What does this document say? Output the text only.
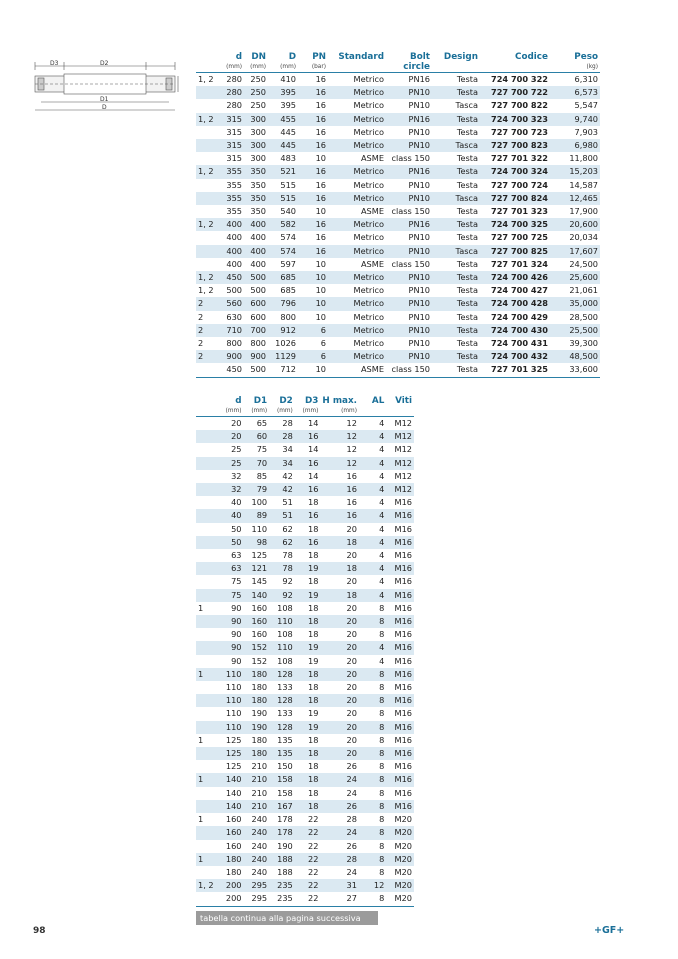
D3	D2
D1
D
	d	DN	D	PN	Standard	Bolt	Design	Codice	Peso
	(mm)	(mm)	(mm)	(bar)		circle			(kg)
1, 2	280	250	410	16	Metrico	PN16	Testa	724 700 322	6,310
	280	250	395	16	Metrico	PN10	Testa	727 700 722	6,573
	280	250	395	16	Metrico	PN10	Tasca	727 700 822	5,547
1, 2	315	300	455	16	Metrico	PN16	Testa	724 700 323	9,740
	315	300	445	16	Metrico	PN10	Testa	727 700 723	7,903
	315	300	445	16	Metrico	PN10	Tasca	727 700 823	6,980
	315	300	483	10	ASME	class 150	Testa	727 701 322	11,800
1, 2	355	350	521	16	Metrico	PN16	Testa	724 700 324	15,203
	355	350	515	16	Metrico	PN10	Testa	727 700 724	14,587
	355	350	515	16	Metrico	PN10	Tasca	727 700 824	12,465
	355	350	540	10	ASME	class 150	Testa	727 701 323	17,900
1, 2	400	400	582	16	Metrico	PN16	Testa	724 700 325	20,600
	400	400	574	16	Metrico	PN10	Testa	727 700 725	20,034
	400	400	574	16	Metrico	PN10	Tasca	727 700 825	17,607
	400	400	597	10	ASME	class 150	Testa	727 701 324	24,500
1, 2	450	500	685	10	Metrico	PN10	Testa	724 700 426	25,600
1, 2	500	500	685	10	Metrico	PN10	Testa	724 700 427	21,061
2	560	600	796	10	Metrico	PN10	Testa	724 700 428	35,000
2	630	600	800	10	Metrico	PN10	Testa	724 700 429	28,500
2	710	700	912	6	Metrico	PN10	Testa	724 700 430	25,500
2	800	800	1026	6	Metrico	PN10	Testa	724 700 431	39,300
2	900	900	1129	6	Metrico	PN10	Testa	724 700 432	48,500
	450	500	712	10	ASME	class 150	Testa	727 701 325	33,600
	d	D1	D2	D3	H max.	AL	Viti
	(mm)	(mm)	(mm)	(mm)	(mm)		
	20	65	28	14	12	4	M12
	20	60	28	16	12	4	M12
	25	75	34	14	12	4	M12
	25	70	34	16	12	4	M12
	32	85	42	14	16	4	M12
	32	79	42	16	16	4	M12
	40	100	51	18	16	4	M16
	40	89	51	16	16	4	M16
	50	110	62	18	20	4	M16
	50	98	62	16	18	4	M16
	63	125	78	18	20	4	M16
	63	121	78	19	18	4	M16
	75	145	92	18	20	4	M16
	75	140	92	19	18	4	M16
1	90	160	108	18	20	8	M16
	90	160	110	18	20	8	M16
	90	160	108	18	20	8	M16
	90	152	110	19	20	4	M16
	90	152	108	19	20	4	M16
1	110	180	128	18	20	8	M16
	110	180	133	18	20	8	M16
	110	180	128	18	20	8	M16
	110	190	133	19	20	8	M16
	110	190	128	19	20	8	M16
1	125	180	135	18	20	8	M16
	125	180	135	18	20	8	M16
	125	210	150	18	26	8	M16
1	140	210	158	18	24	8	M16
	140	210	158	18	24	8	M16
	140	210	167	18	26	8	M16
1	160	240	178	22	28	8	M20
	160	240	178	22	24	8	M20
	160	240	190	22	26	8	M20
1	180	240	188	22	28	8	M20
	180	240	188	22	24	8	M20
1, 2	200	295	235	22	31	12	M20
	200	295	235	22	27	8	M20
tabella continua alla pagina successiva
98	+GF+
